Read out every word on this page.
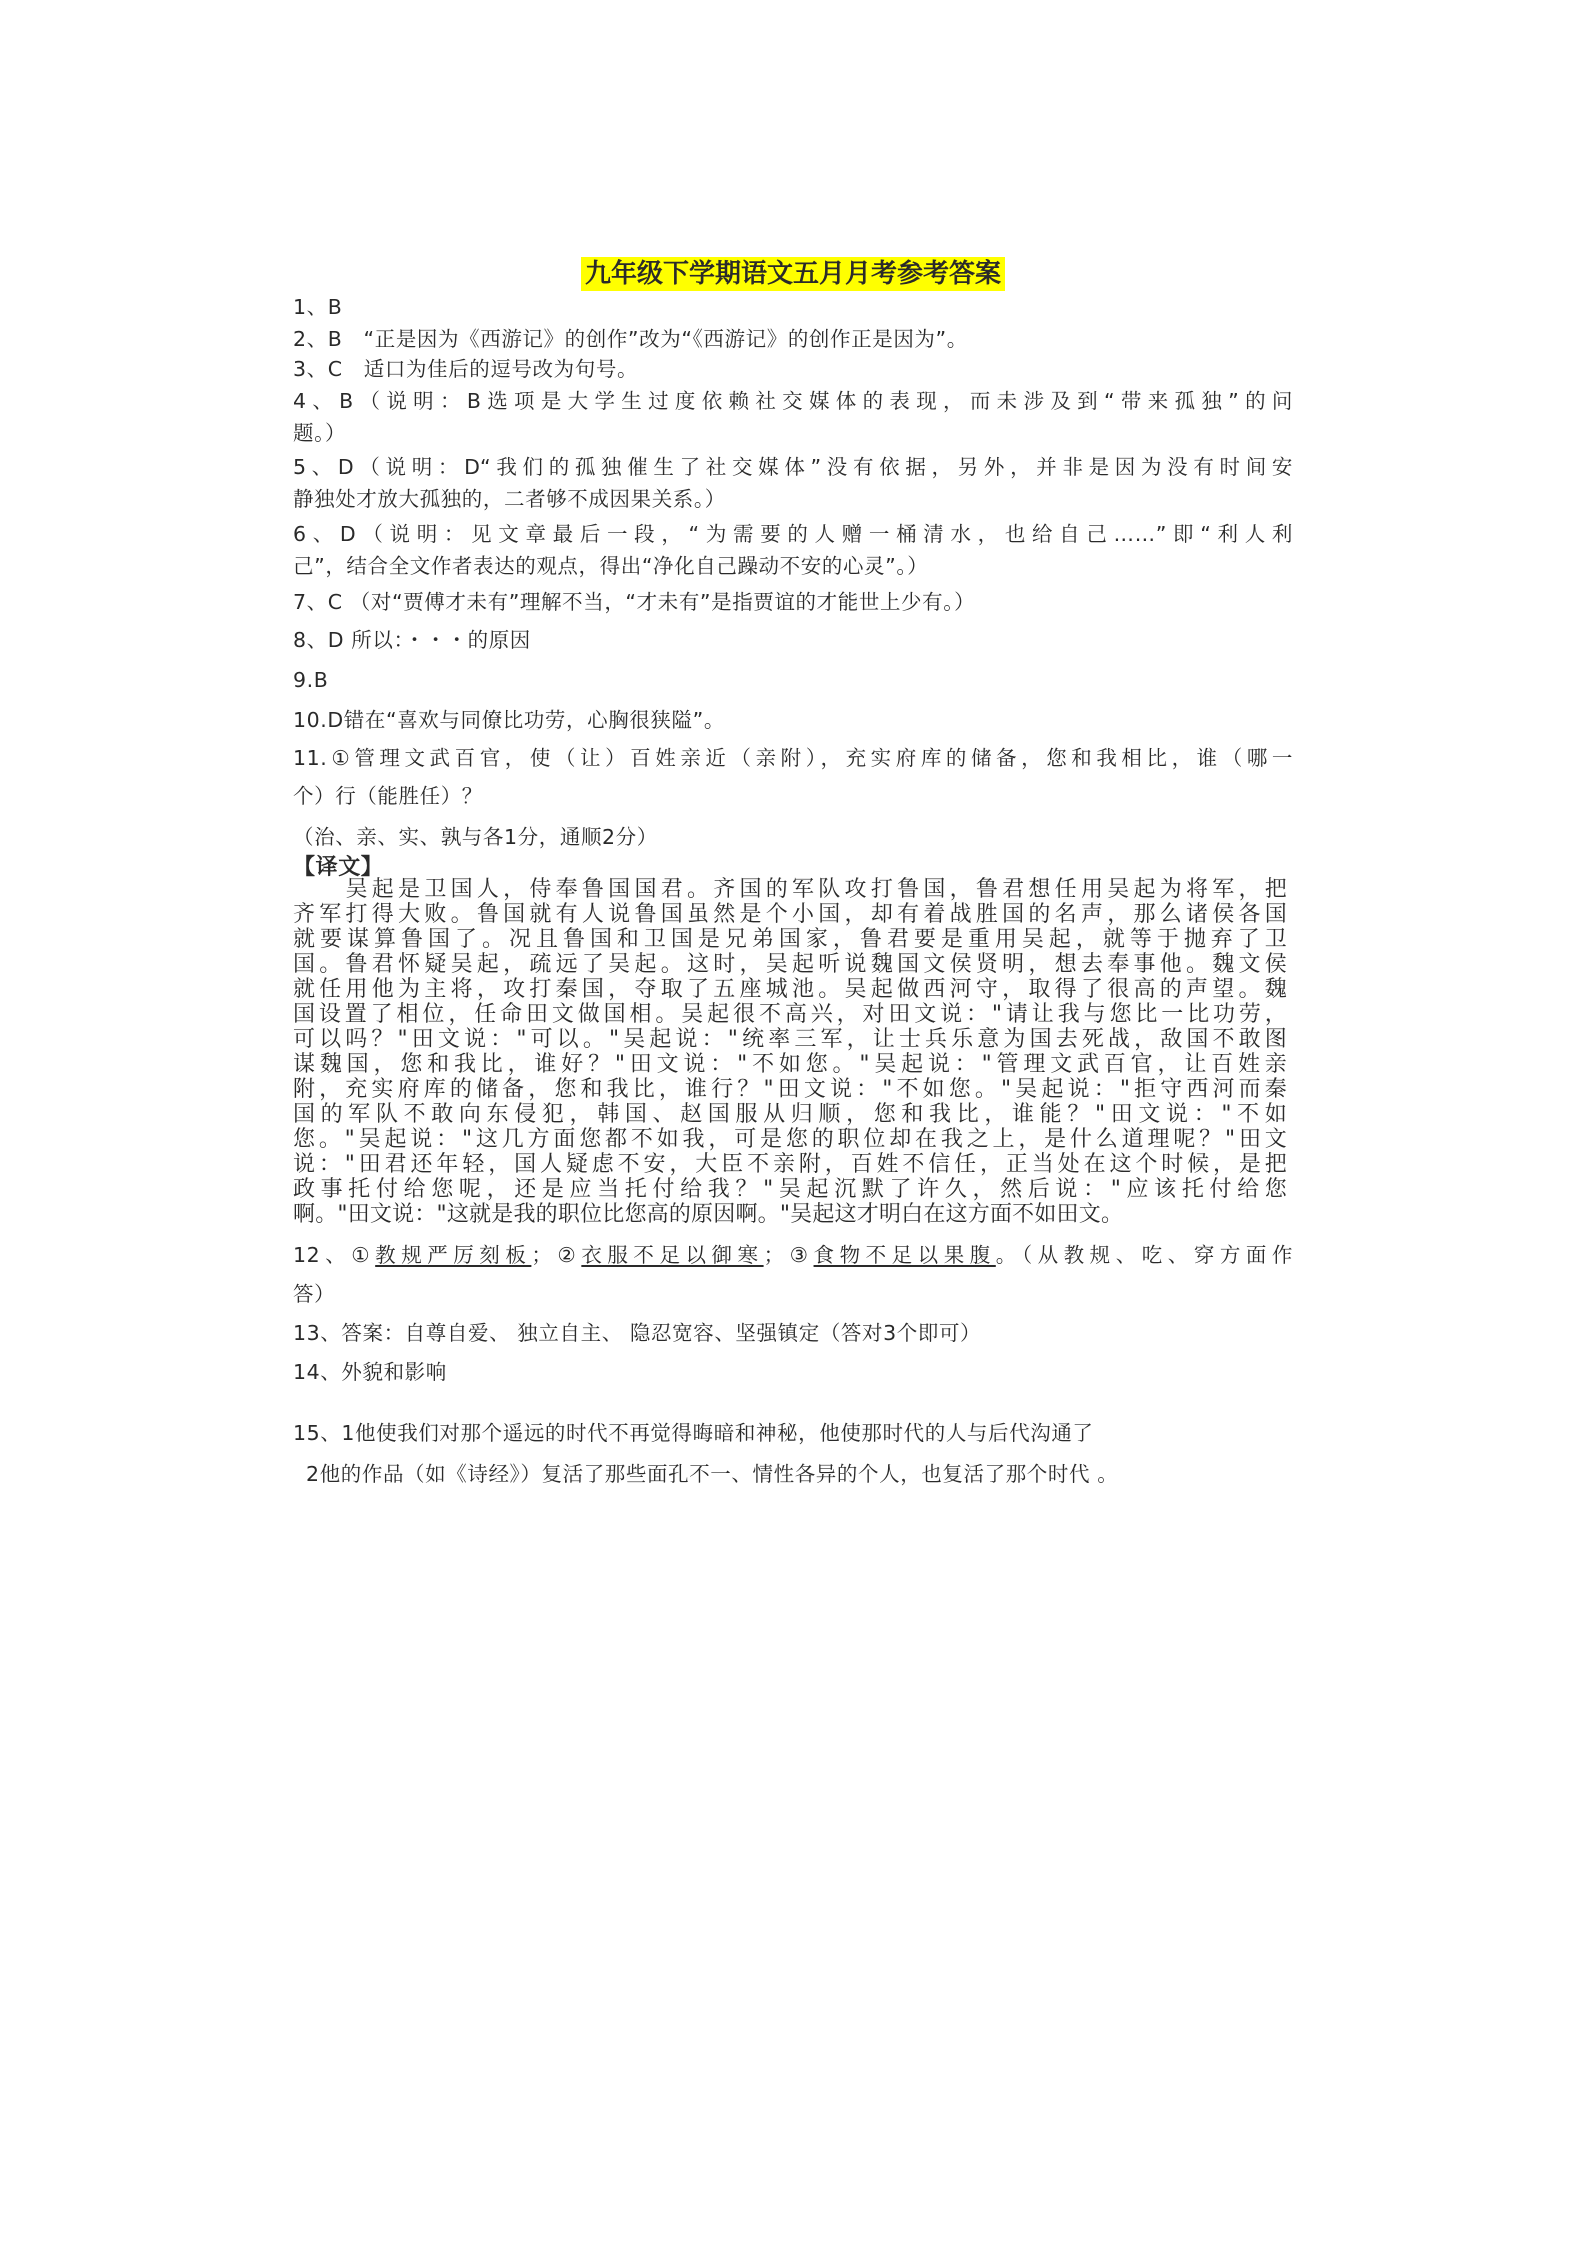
九年级下学期语文五月月考参考答案
1、B
2、B　“正是因为《西游记》的创作”改为“《西游记》的创作正是因为”。
3、C　适口为佳后的逗号改为句号。
4、B（说明：B选项是大学生过度依赖社交媒体的表现，而未涉及到“带来孤独”的问
题。）
5、D（说明：D“我们的孤独催生了社交媒体”没有依据，另外，并非是因为没有时间安
静独处才放大孤独的，二者够不成因果关系。）
6、D（说明：见文章最后一段，“为需要的人赠一桶清水，也给自己……”即“利人利
己”，结合全文作者表达的观点，得出“净化自己躁动不安的心灵”。）
7、C （对“贾傅才未有”理解不当，“才未有”是指贾谊的才能世上少有。）
8、D 所以：・・・的原因
9.B
10.D错在“喜欢与同僚比功劳，心胸很狭隘”。
11.①管理文武百官，使（让）百姓亲近（亲附），充实府库的储备，您和我相比，谁（哪一
个）行（能胜任）？
（治、亲、实、孰与各1分，通顺2分）
【译文】
　　吴起是卫国人，侍奉鲁国国君。齐国的军队攻打鲁国，鲁君想任用吴起为将军，把
齐军打得大败。鲁国就有人说鲁国虽然是个小国，却有着战胜国的名声，那么诸侯各国
就要谋算鲁国了。况且鲁国和卫国是兄弟国家，鲁君要是重用吴起，就等于抛弃了卫
国。鲁君怀疑吴起，疏远了吴起。这时，吴起听说魏国文侯贤明，想去奉事他。魏文侯
就任用他为主将，攻打秦国，夺取了五座城池。吴起做西河守，取得了很高的声望。魏
国设置了相位，任命田文做国相。吴起很不高兴，对田文说："请让我与您比一比功劳，
可以吗？"田文说："可以。"吴起说："统率三军，让士兵乐意为国去死战，敌国不敢图
谋魏国，您和我比，谁好？"田文说："不如您。"吴起说："管理文武百官，让百姓亲
附，充实府库的储备，您和我比，谁行？"田文说："不如您。"吴起说："拒守西河而秦
国的军队不敢向东侵犯，韩国、赵国服从归顺，您和我比，谁能？"田文说："不如
您。"吴起说："这几方面您都不如我，可是您的职位却在我之上，是什么道理呢？"田文
说："田君还年轻，国人疑虑不安，大臣不亲附，百姓不信任，正当处在这个时候，是把
政事托付给您呢，还是应当托付给我？"吴起沉默了许久，然后说："应该托付给您
啊。"田文说："这就是我的职位比您高的原因啊。"吴起这才明白在这方面不如田文。
12、①教规严厉刻板；②衣服不足以御寒；③食物不足以果腹。（从教规、吃、穿方面作
答）
13、答案：自尊自爱、 独立自主、 隐忍宽容、坚强镇定（答对3个即可）
14、外貌和影响
15、1他使我们对那个遥远的时代不再觉得晦暗和神秘，他使那时代的人与后代沟通了
2他的作品（如《诗经》）复活了那些面孔不一、情性各异的个人，也复活了那个时代 。
